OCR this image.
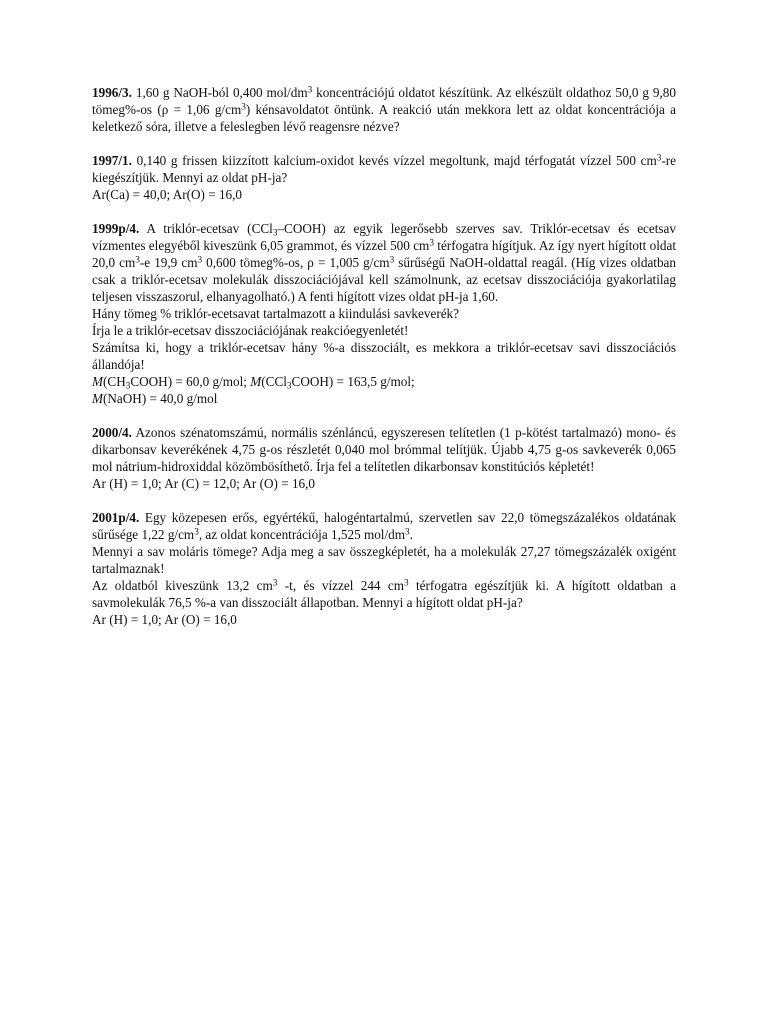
1996/3. 1,60 g NaOH-ból 0,400 mol/$dm^3$ koncentrációjú oldatot készítünk. Az elkészült oldathoz 50,0 g 9,80 tömeg%-os (ρ = 1,06 $g/cm^3$) kénsavoldatot öntünk. A reakció után mekkora lett az oldat koncentrációja a keletkező sóra, illetve a feleslegben lévő reagensre nézve?

1997/1. 0,140 g frissen kiizzított kalcium-oxidot kevés vízzel megoltunk, majd térfogatát vízzel 500 $cm^3-re$ kiegészítjük. Mennyi az oldat pH-ja?

Ar(Ca) = 40,0; Ar(O) = 16,0

1999p/4. A triklór-ecetsav (CCl$_3$–COOH) az egyik legerősebb szerves sav. Triklór-ecetsav és ecetsav vízmentes elegyéből kiveszünk 6,05 grammot, és vízzel 500 $cm^3$ térfogatra hígítjuk. Az így nyert hígított oldat 20,0 $cm^3-e$ 19,9 $cm^3$ 0,600 tömeg%-os, ρ = 1,005 $g/cm^3$ sűrűségű NaOH-oldattal reagál. (Híg vizes oldatban csak a triklór-ecetsav molekulák disszociációjával kell számolnunk, az ecetsav disszociációja gyakorlatilag teljesen visszaszorul, elhanyagolható.) A fenti hígított vizes oldat pH-ja 1,60.

Hány tömeg % triklór-ecetsavat tartalmazott a kiindulási savkeverék?

Írja le a triklór-ecetsav disszociációjának reakcióegyenletét!

Számítsa ki, hogy a triklór-ecetsav hány %-a disszociált, es mekkora a triklór-ecetsav savi disszociációs állandója!

$M(CH_3COOH) = 60,0$ g/mol; M(CCl$_3$COOH) = 163,5 g/mol;

M(NaOH) = 40,0 g/mol

2000/4. Azonos szénatomszámú, normális szénláncú, egyszeresen telítetlen (1 p-kötést tartalmazó) mono- és dikarbonsav keverékének 4,75 g-os részletét 0,040 mol brómmal telítjük. Újabb 4,75 g-os savkeverék 0,065 mol nátrium-hidroxiddal közömbösíthető. Írja fel a telítetlen dikarbonsav konstitúciós képletét!

Ar (H) = 1,0; Ar (C) = 12,0; Ar (O) = 16,0

2001p/4. Egy közepesen erős, egyértékű, halogéntartalmú, szervetlen sav 22,0 tömegszázalékos oldatának sűrűsége 1,22 $g/cm^3$, az oldat koncentrációja 1,525 mol/$dm^3$.

Mennyi a sav moláris tömege? Adja meg a sav összegképletét, ha a molekulák 27,27 tömegszázalék oxigént tartalmaznak!

Az oldatból kiveszünk 13,2 $cm^3$ -t, és vízzel 244 $cm^3$ térfogatra egészítjük ki. A hígított oldatban a savmolekulák 76,5 %-a van disszociált állapotban. Mennyi a hígított oldat pH-ja?

Ar (H) = 1,0; Ar (O) = 16,0
